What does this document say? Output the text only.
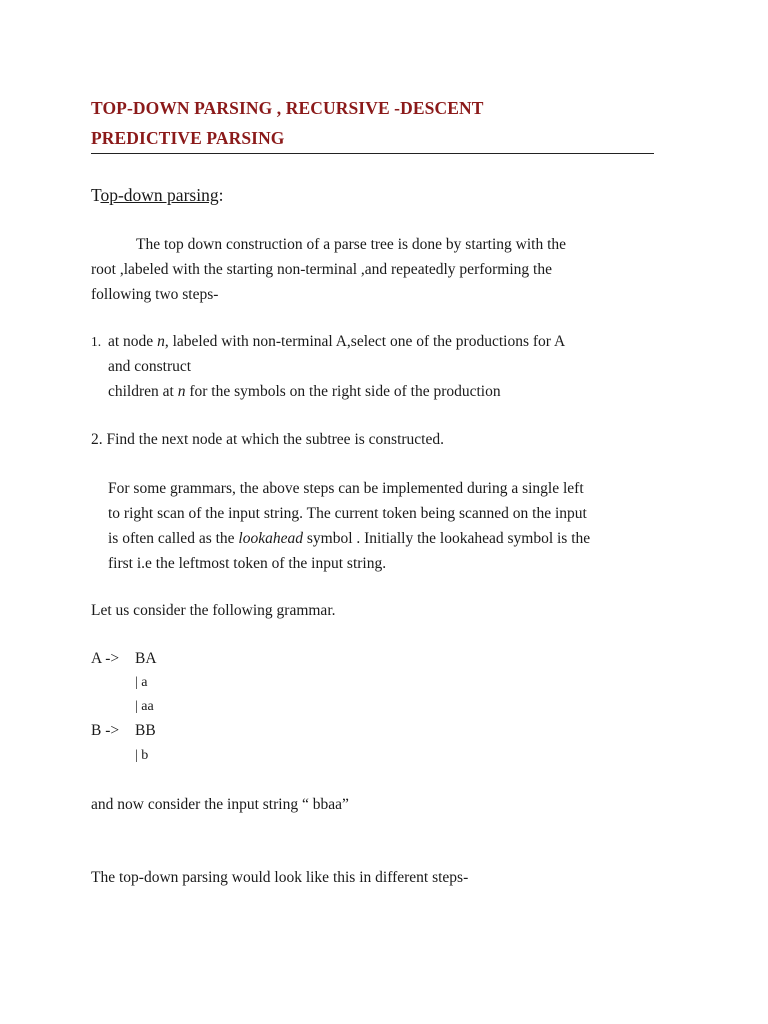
TOP-DOWN PARSING , RECURSIVE -DESCENT
PREDICTIVE PARSING
Top-down parsing:
The top down construction of a parse tree is done by starting with the
root ,labeled with the starting non-terminal ,and repeatedly performing the
following two steps-
1. at node n, labeled with non-terminal A,select one of the productions for A
and construct
children at n for the symbols on the right side of the production
2. Find the next node at which the subtree is constructed.
For some grammars, the above steps can be implemented during a single left
to right scan of the input string. The current token being scanned on the input
is often called as the lookahead symbol . Initially the lookahead symbol is the
first i.e the leftmost token of the input string.
Let us consider the following grammar.
A -> BA
| a
| aa
B -> BB
| b
and now consider the input string “ bbaa”
The top-down parsing would look like this in different steps-
